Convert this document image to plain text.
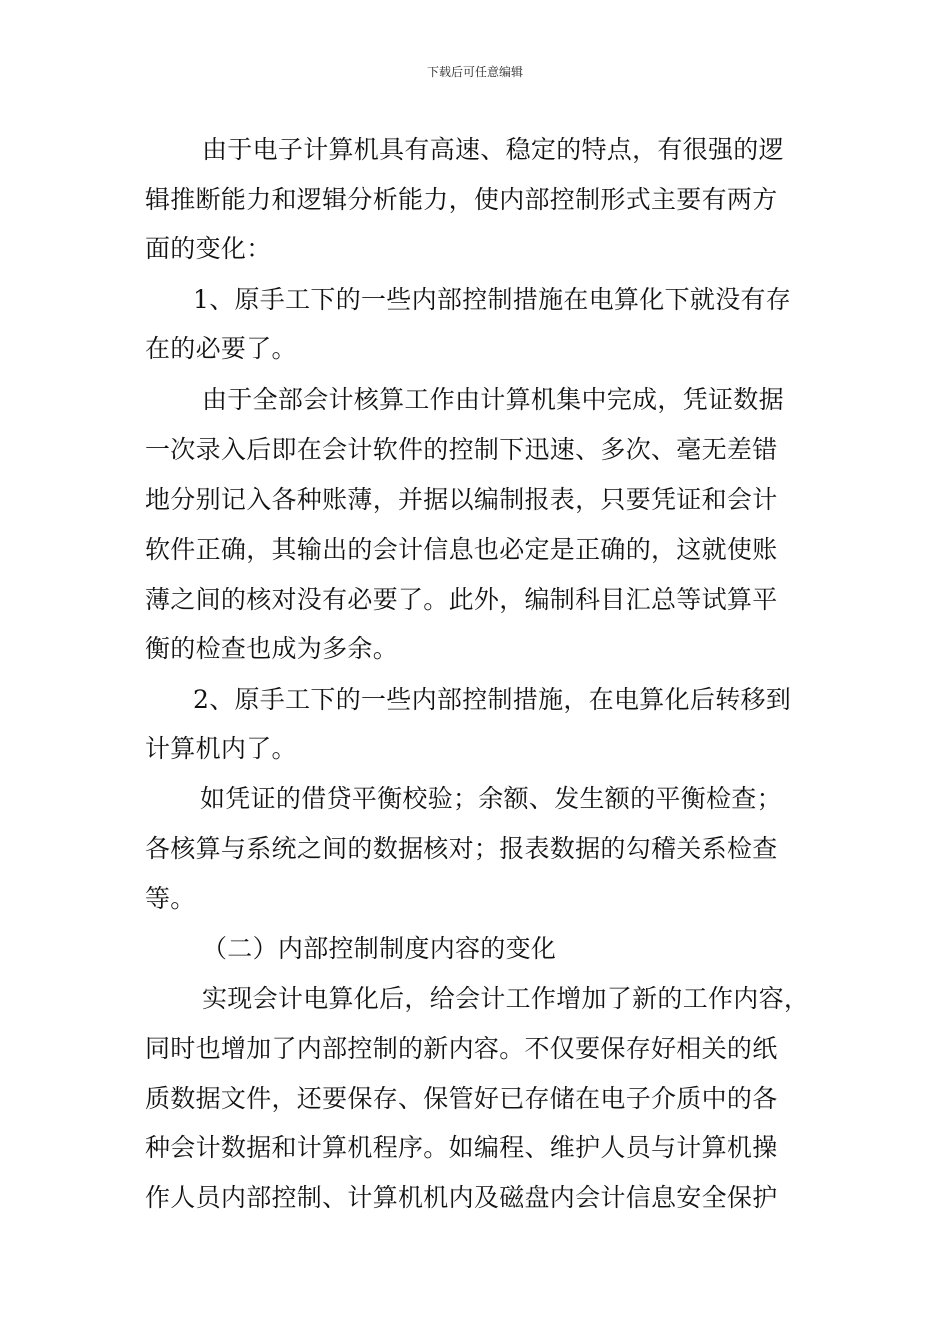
下载后可任意编辑
由于电子计算机具有高速、稳定的特点，有很强的逻
辑推断能力和逻辑分析能力，使内部控制形式主要有两方
面的变化：
1、原手工下的一些内部控制措施在电算化下就没有存
在的必要了。
由于全部会计核算工作由计算机集中完成，凭证数据
一次录入后即在会计软件的控制下迅速、多次、毫无差错
地分别记入各种账薄，并据以编制报表，只要凭证和会计
软件正确，其输出的会计信息也必定是正确的，这就使账
薄之间的核对没有必要了。此外，编制科目汇总等试算平
衡的检查也成为多余。
2、原手工下的一些内部控制措施，在电算化后转移到
计算机内了。
如凭证的借贷平衡校验；余额、发生额的平衡检查；
各核算与系统之间的数据核对；报表数据的勾稽关系检查
等。
（二）内部控制制度内容的变化
实现会计电算化后，给会计工作增加了新的工作内容，
同时也增加了内部控制的新内容。不仅要保存好相关的纸
质数据文件，还要保存、保管好已存储在电子介质中的各
种会计数据和计算机程序。如编程、维护人员与计算机操
作人员内部控制、计算机机内及磁盘内会计信息安全保护
